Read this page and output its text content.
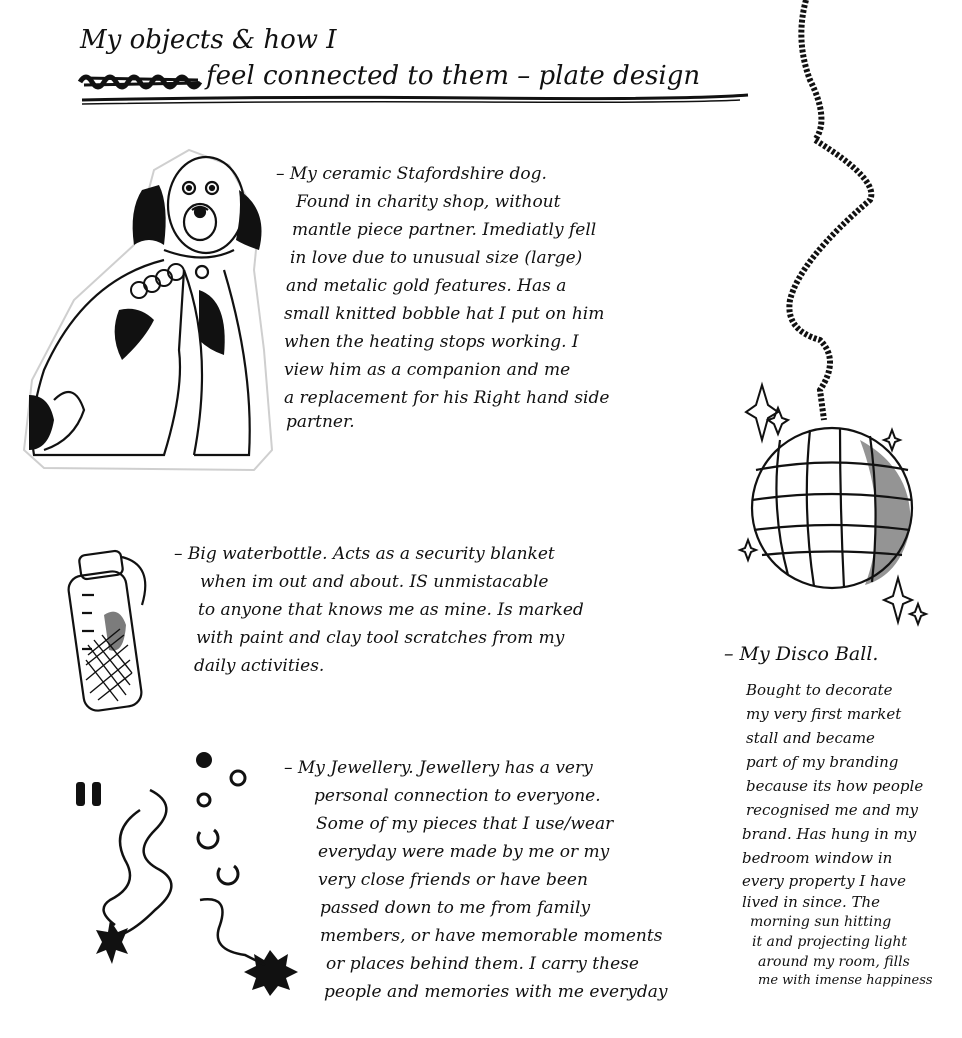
My objects & how I
feel connected to them – plate design
– My ceramic Stafordshire dog.
Found in charity shop, without
mantle piece partner. Imediatly fell
in love due to unusual size (large)
and metalic gold features. Has a
small knitted bobble hat I put on him
when the heating stops working. I
view him as a companion and me
a replacement for his Right hand side
partner.
– Big waterbottle. Acts as a security blanket
when im out and about. IS unmistacable
to anyone that knows me as mine. Is marked
with paint and clay tool scratches from my
daily activities.
– My Jewellery. Jewellery has a very
personal connection to everyone.
Some of my pieces that I use/wear
everyday were made by me or my
very close friends or have been
passed down to me from family
members, or have memorable moments
or places behind them. I carry these
people and memories with me everyday
– My Disco Ball.
Bought to decorate
my very first market
stall and became
part of my branding
because its how people
recognised me and my
brand. Has hung in my
bedroom window in
every property I have
lived in since. The
morning sun hitting
it and projecting light
around my room, fills
me with imense happiness
